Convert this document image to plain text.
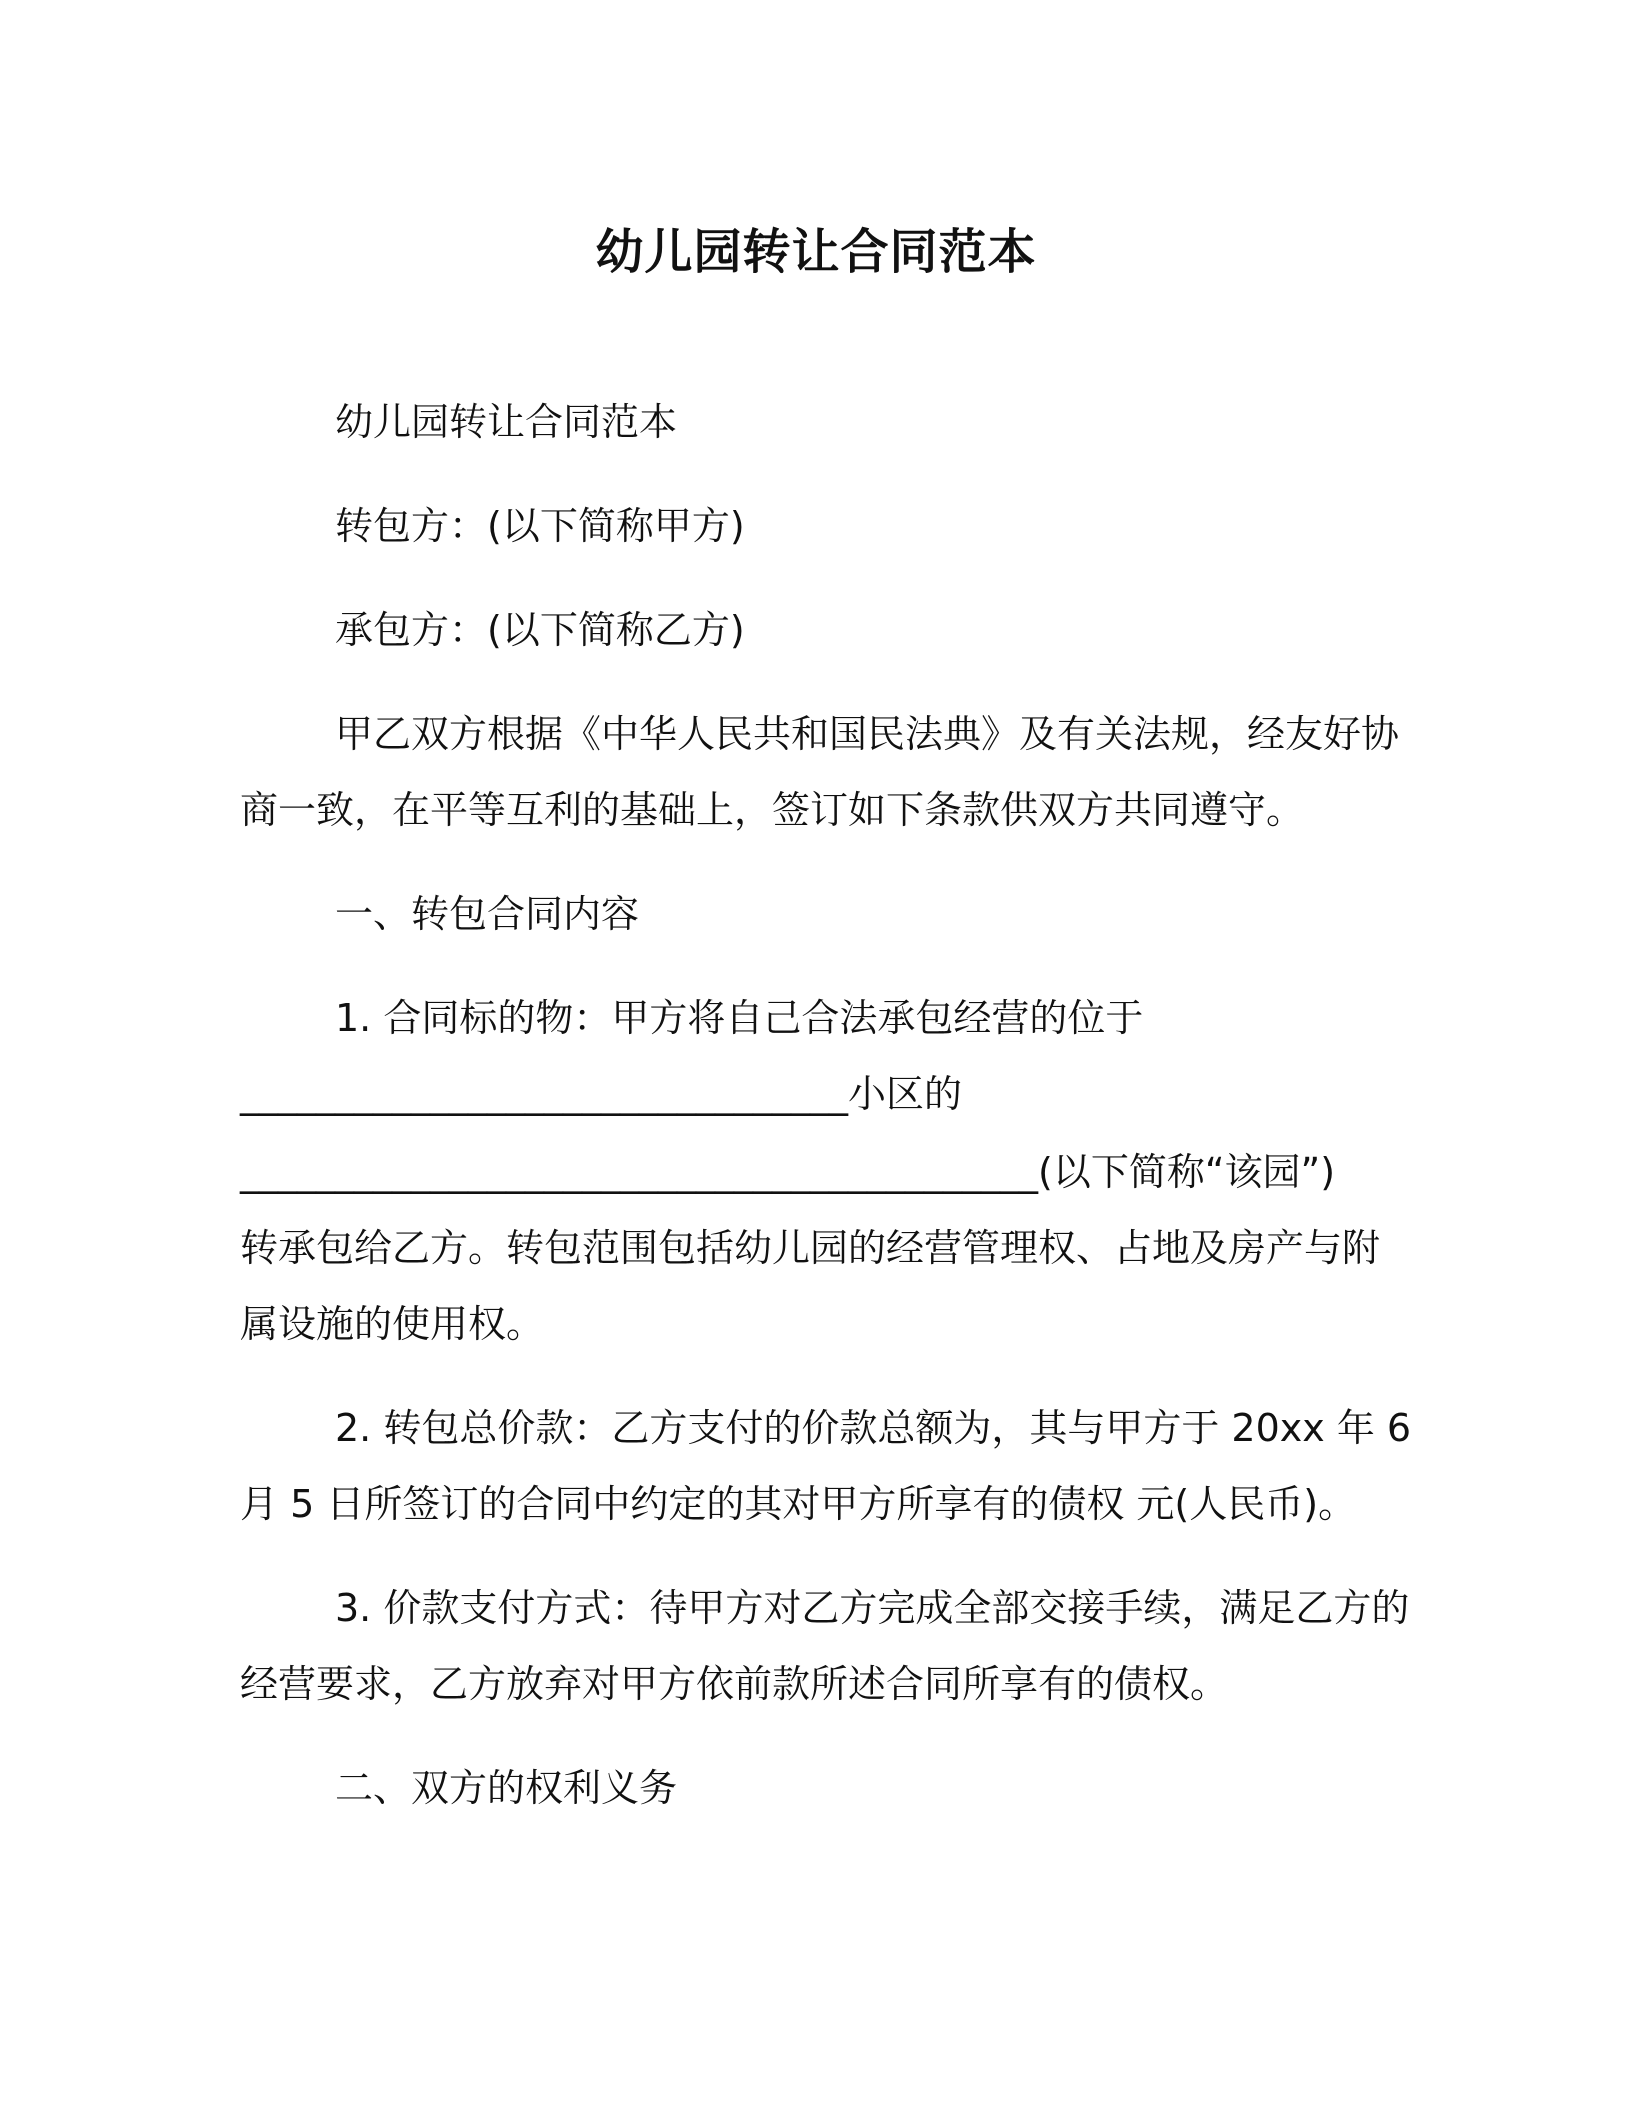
幼儿园转让合同范本
幼儿园转让合同范本
转包方：(以下简称甲方)
承包方：(以下简称乙方)
甲乙双方根据《中华人民共和国民法典》及有关法规，经友好协
商一致，在平等互利的基础上，签订如下条款供双方共同遵守。
一、转包合同内容
1. 合同标的物：甲方将自己合法承包经营的位于
________________________________小区的
__________________________________________(以下简称“该园”)
转承包给乙方。转包范围包括幼儿园的经营管理权、占地及房产与附
属设施的使用权。
2. 转包总价款：乙方支付的价款总额为，其与甲方于 20xx 年 6
月 5 日所签订的合同中约定的其对甲方所享有的债权 元(人民币)。
3. 价款支付方式：待甲方对乙方完成全部交接手续，满足乙方的
经营要求，乙方放弃对甲方依前款所述合同所享有的债权。
二、双方的权利义务
